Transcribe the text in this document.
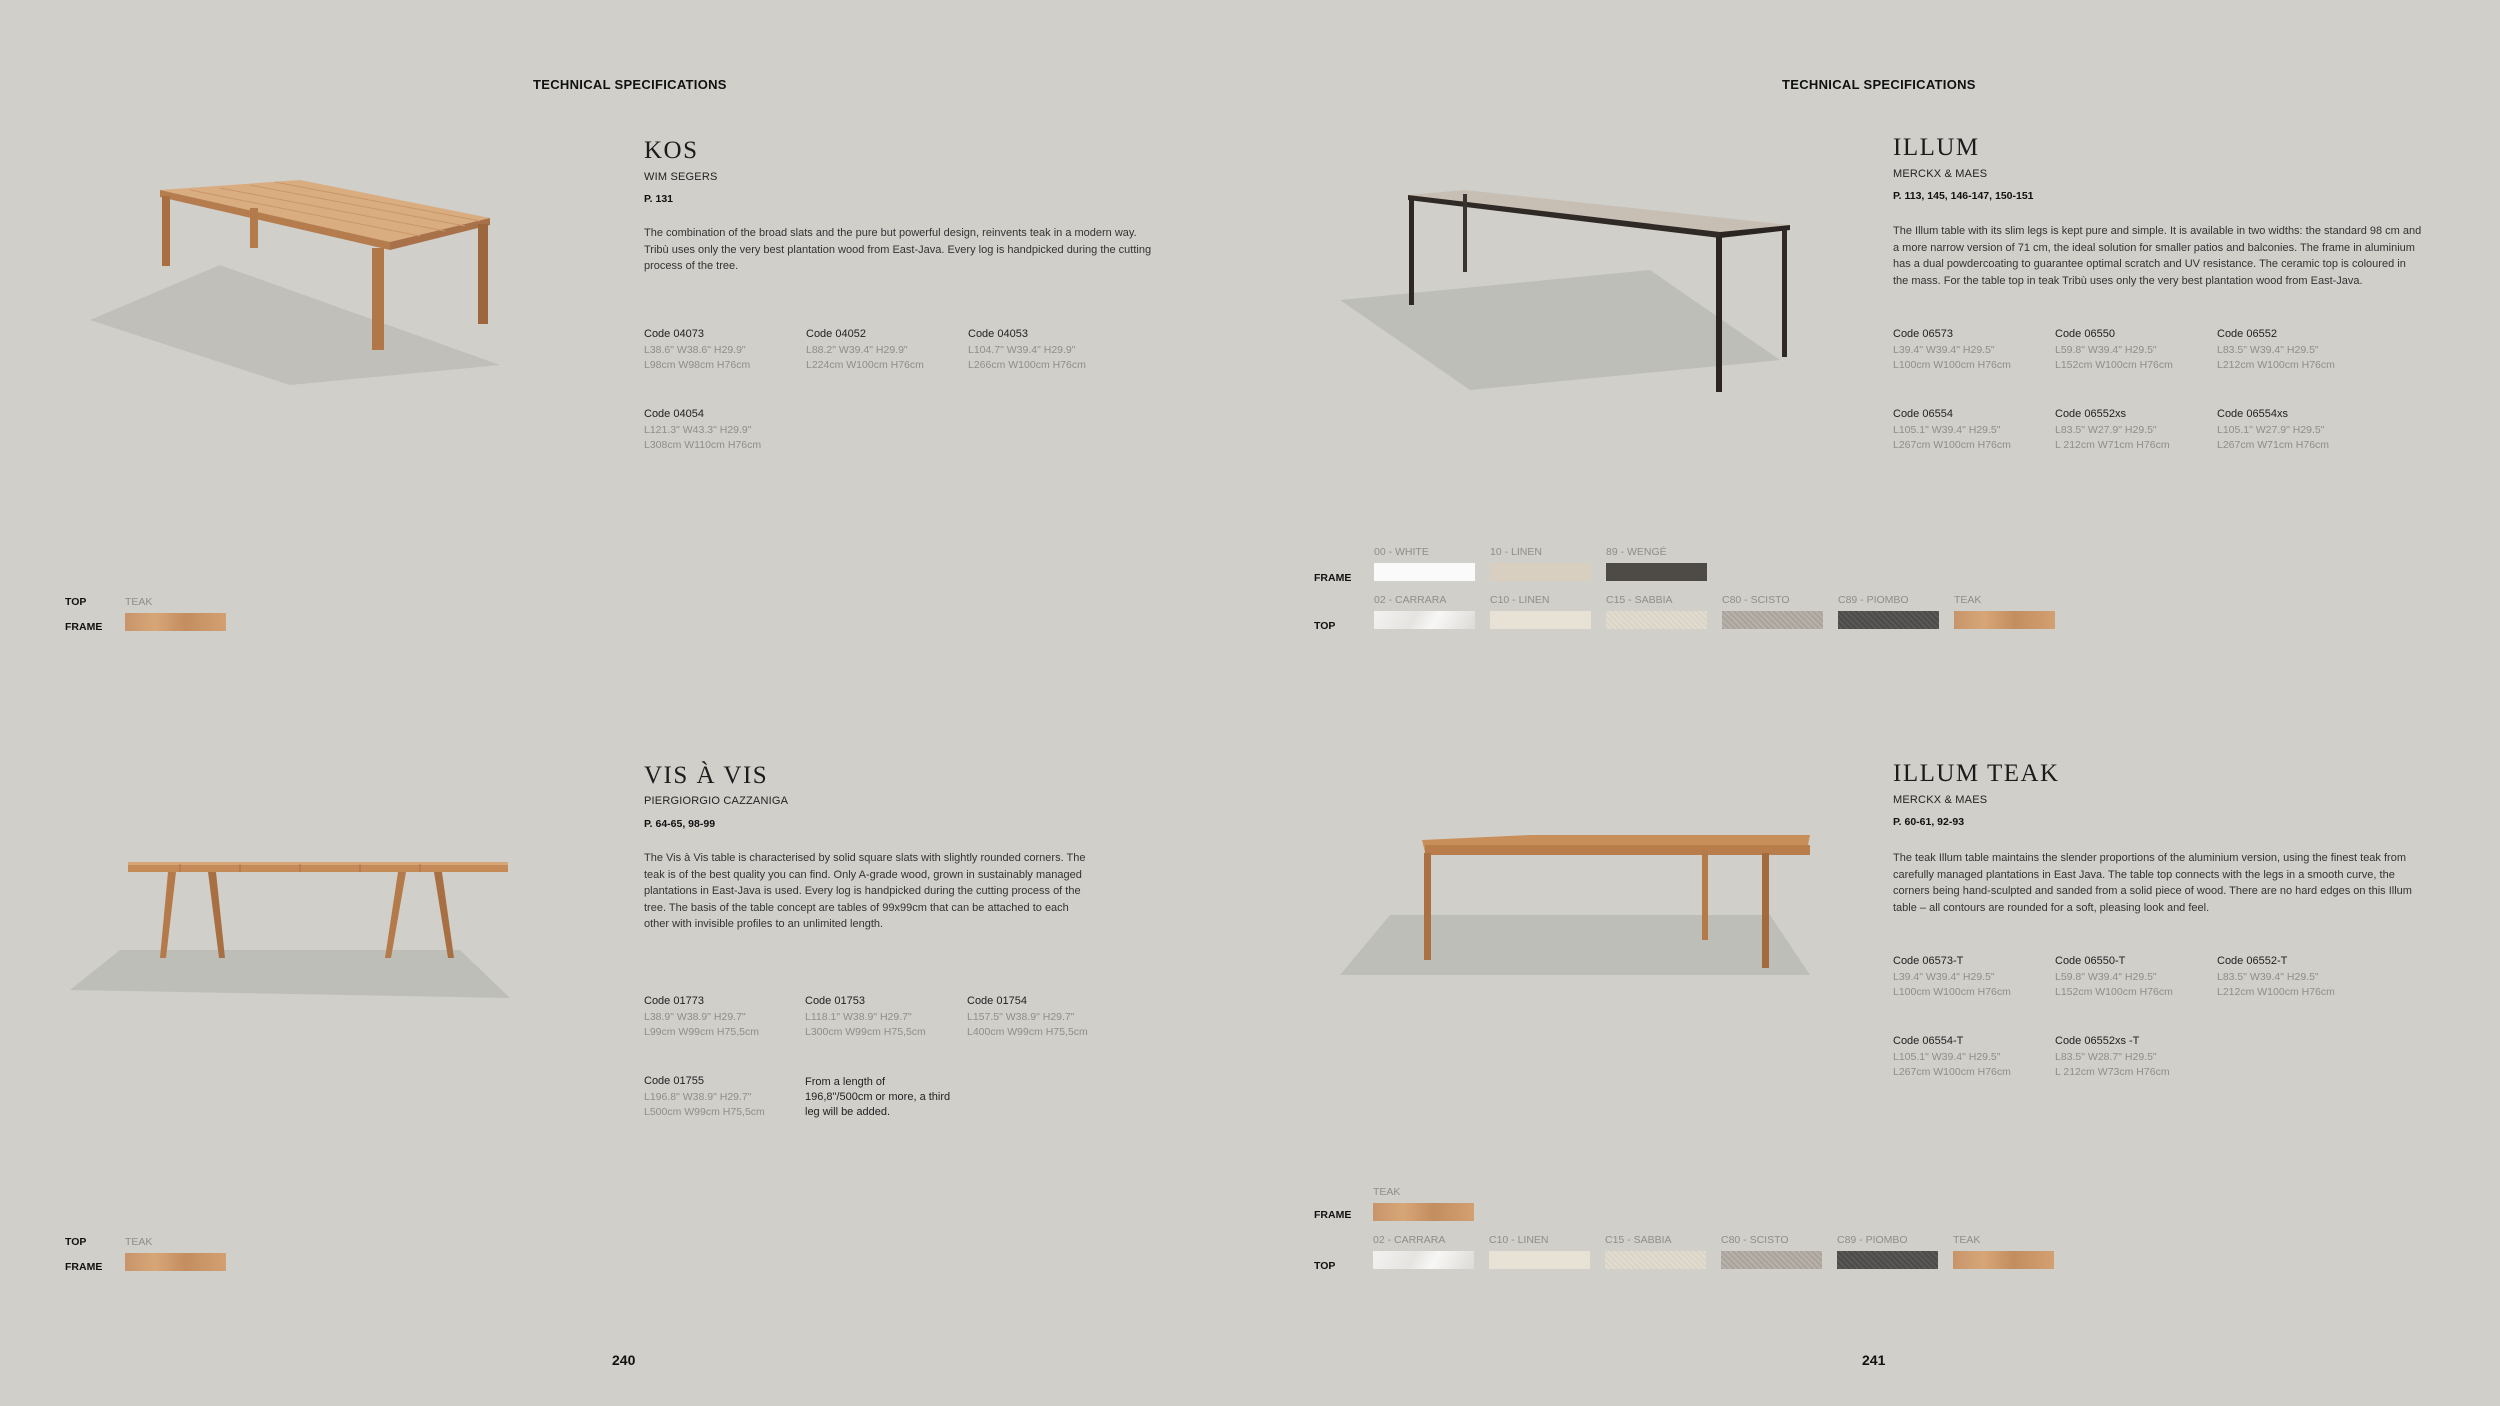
TECHNICAL SPECIFICATIONS
240
KOS
WIM SEGERS
P. 131
The combination of the broad slats and the pure but powerful design, reinvents teak in a modern way.
Tribù uses only the very best plantation wood from East-Java. Every log is handpicked during the cutting
process of the tree.
Code 04073
L38.6" W38.6" H29.9"
L98cm W98cm H76cm
Code 04052
L88.2" W39.4" H29.9"
L224cm W100cm H76cm
Code 04053
L104.7" W39.4" H29.9"
L266cm W100cm H76cm
Code 04054
L121.3" W43.3" H29.9"
L308cm W110cm H76cm
TOP
FRAME
TEAK
VIS À VIS
PIERGIORGIO CAZZANIGA
P. 64-65, 98-99
The Vis à Vis table is characterised by solid square slats with slightly rounded corners. The
teak is of the best quality you can find. Only A-grade wood, grown in sustainably managed
plantations in East-Java is used. Every log is handpicked during the cutting process of the
tree. The basis of the table concept are tables of 99x99cm that can be attached to each
other with invisible profiles to an unlimited length.
Code 01773
L38.9" W38.9" H29.7"
L99cm W99cm H75,5cm
Code 01753
L118.1" W38.9" H29.7"
L300cm W99cm H75,5cm
Code 01754
L157.5" W38.9" H29.7"
L400cm W99cm H75,5cm
Code 01755
L196.8" W38.9" H29.7"
L500cm W99cm H75,5cm
From a length of
196,8"/500cm or more, a third
leg will be added.
TOP
FRAME
TEAK
TECHNICAL SPECIFICATIONS
241
ILLUM
MERCKX & MAES
P. 113, 145, 146-147, 150-151
The Illum table with its slim legs is kept pure and simple. It is available in two widths: the standard 98 cm and
a more narrow version of 71 cm, the ideal solution for smaller patios and balconies. The frame in aluminium
has a dual powdercoating to guarantee optimal scratch and UV resistance. The ceramic top is coloured in
the mass. For the table top in teak Tribù uses only the very best plantation wood from East-Java.
Code 06573
L39.4" W39.4" H29.5"
L100cm W100cm H76cm
Code 06550
L59.8" W39.4" H29.5"
L152cm W100cm H76cm
Code 06552
L83.5" W39.4" H29.5"
L212cm W100cm H76cm
Code 06554
L105.1" W39.4" H29.5"
L267cm W100cm H76cm
Code 06552xs
L83.5" W27.9" H29.5"
L 212cm W71cm H76cm
Code 06554xs
L105.1" W27.9" H29.5"
L267cm W71cm H76cm
FRAME
00 - WHITE	10 - LINEN	89 - WENGÉ
TOP
02 - CARRARA	C10 - LINEN	C15 - SABBIA	C80 - SCISTO	C89 - PIOMBO	TEAK
ILLUM TEAK
MERCKX & MAES
P. 60-61, 92-93
The teak Illum table maintains the slender proportions of the aluminium version, using the finest teak from
carefully managed plantations in East Java. The table top connects with the legs in a smooth curve, the
corners being hand-sculpted and sanded from a solid piece of wood. There are no hard edges on this Illum
table – all contours are rounded for a soft, pleasing look and feel.
Code 06573-T
L39.4" W39.4" H29.5"
L100cm W100cm H76cm
Code 06550-T
L59.8" W39.4" H29.5"
L152cm W100cm H76cm
Code 06552-T
L83.5" W39.4" H29.5"
L212cm W100cm H76cm
Code 06554-T
L105.1" W39.4" H29.5"
L267cm W100cm H76cm
Code 06552xs -T
L83.5" W28.7" H29.5"
L 212cm W73cm H76cm
FRAME
TEAK
TOP
02 - CARRARA	C10 - LINEN	C15 - SABBIA	C80 - SCISTO	C89 - PIOMBO	TEAK
